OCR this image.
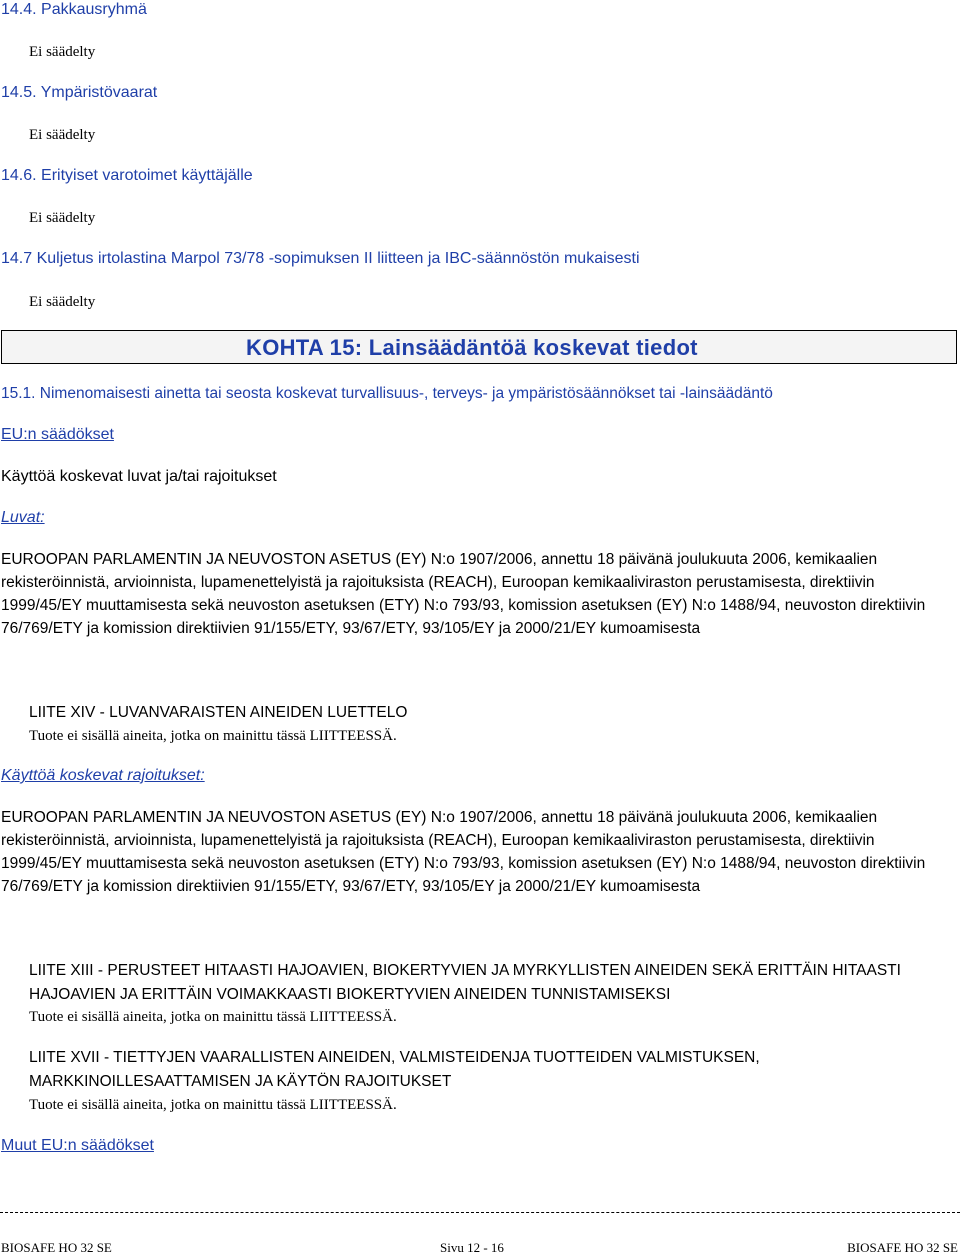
14.4. Pakkausryhmä
Ei säädelty
14.5. Ympäristövaarat
Ei säädelty
14.6. Erityiset varotoimet käyttäjälle
Ei säädelty
14.7 Kuljetus irtolastina Marpol 73/78 -sopimuksen II liitteen ja IBC-säännöstön mukaisesti
Ei säädelty
KOHTA 15: Lainsäädäntöä koskevat tiedot
15.1. Nimenomaisesti ainetta tai seosta koskevat turvallisuus-, terveys- ja ympäristösäännökset tai -lainsäädäntö
EU:n säädökset
Käyttöä koskevat luvat ja/tai rajoitukset
Luvat:
EUROOPAN PARLAMENTIN JA NEUVOSTON ASETUS (EY) N:o 1907/2006, annettu 18 päivänä joulukuuta 2006, kemikaalien rekisteröinnistä, arvioinnista, lupamenettelyistä ja rajoituksista (REACH), Euroopan kemikaaliviraston perustamisesta, direktiivin 1999/45/EY muuttamisesta sekä neuvoston asetuksen (ETY) N:o 793/93, komission asetuksen (EY) N:o 1488/94, neuvoston direktiivin 76/769/ETY ja komission direktiivien 91/155/ETY, 93/67/ETY, 93/105/EY ja 2000/21/EY kumoamisesta
LIITE XIV - LUVANVARAISTEN AINEIDEN LUETTELO
Tuote ei sisällä aineita, jotka on mainittu tässä LIITTEESSÄ.
Käyttöä koskevat rajoitukset:
EUROOPAN PARLAMENTIN JA NEUVOSTON ASETUS (EY) N:o 1907/2006, annettu 18 päivänä joulukuuta 2006, kemikaalien rekisteröinnistä, arvioinnista, lupamenettelyistä ja rajoituksista (REACH), Euroopan kemikaaliviraston perustamisesta, direktiivin 1999/45/EY muuttamisesta sekä neuvoston asetuksen (ETY) N:o 793/93, komission asetuksen (EY) N:o 1488/94, neuvoston direktiivin 76/769/ETY ja komission direktiivien 91/155/ETY, 93/67/ETY, 93/105/EY ja 2000/21/EY kumoamisesta
LIITE XIII - PERUSTEET HITAASTI HAJOAVIEN, BIOKERTYVIEN JA MYRKYLLISTEN AINEIDEN SEKÄ ERITTÄIN HITAASTI
HAJOAVIEN JA ERITTÄIN VOIMAKKAASTI BIOKERTYVIEN AINEIDEN TUNNISTAMISEKSI
Tuote ei sisällä aineita, jotka on mainittu tässä LIITTEESSÄ.
LIITE XVII - TIETTYJEN VAARALLISTEN AINEIDEN, VALMISTEIDENJA TUOTTEIDEN VALMISTUKSEN,
MARKKINOILLESAATTAMISEN JA KÄYTÖN RAJOITUKSET
Tuote ei sisällä aineita, jotka on mainittu tässä LIITTEESSÄ.
Muut EU:n säädökset
BIOSAFE HO 32 SE	Sivu 12 - 16	BIOSAFE HO 32 SE
